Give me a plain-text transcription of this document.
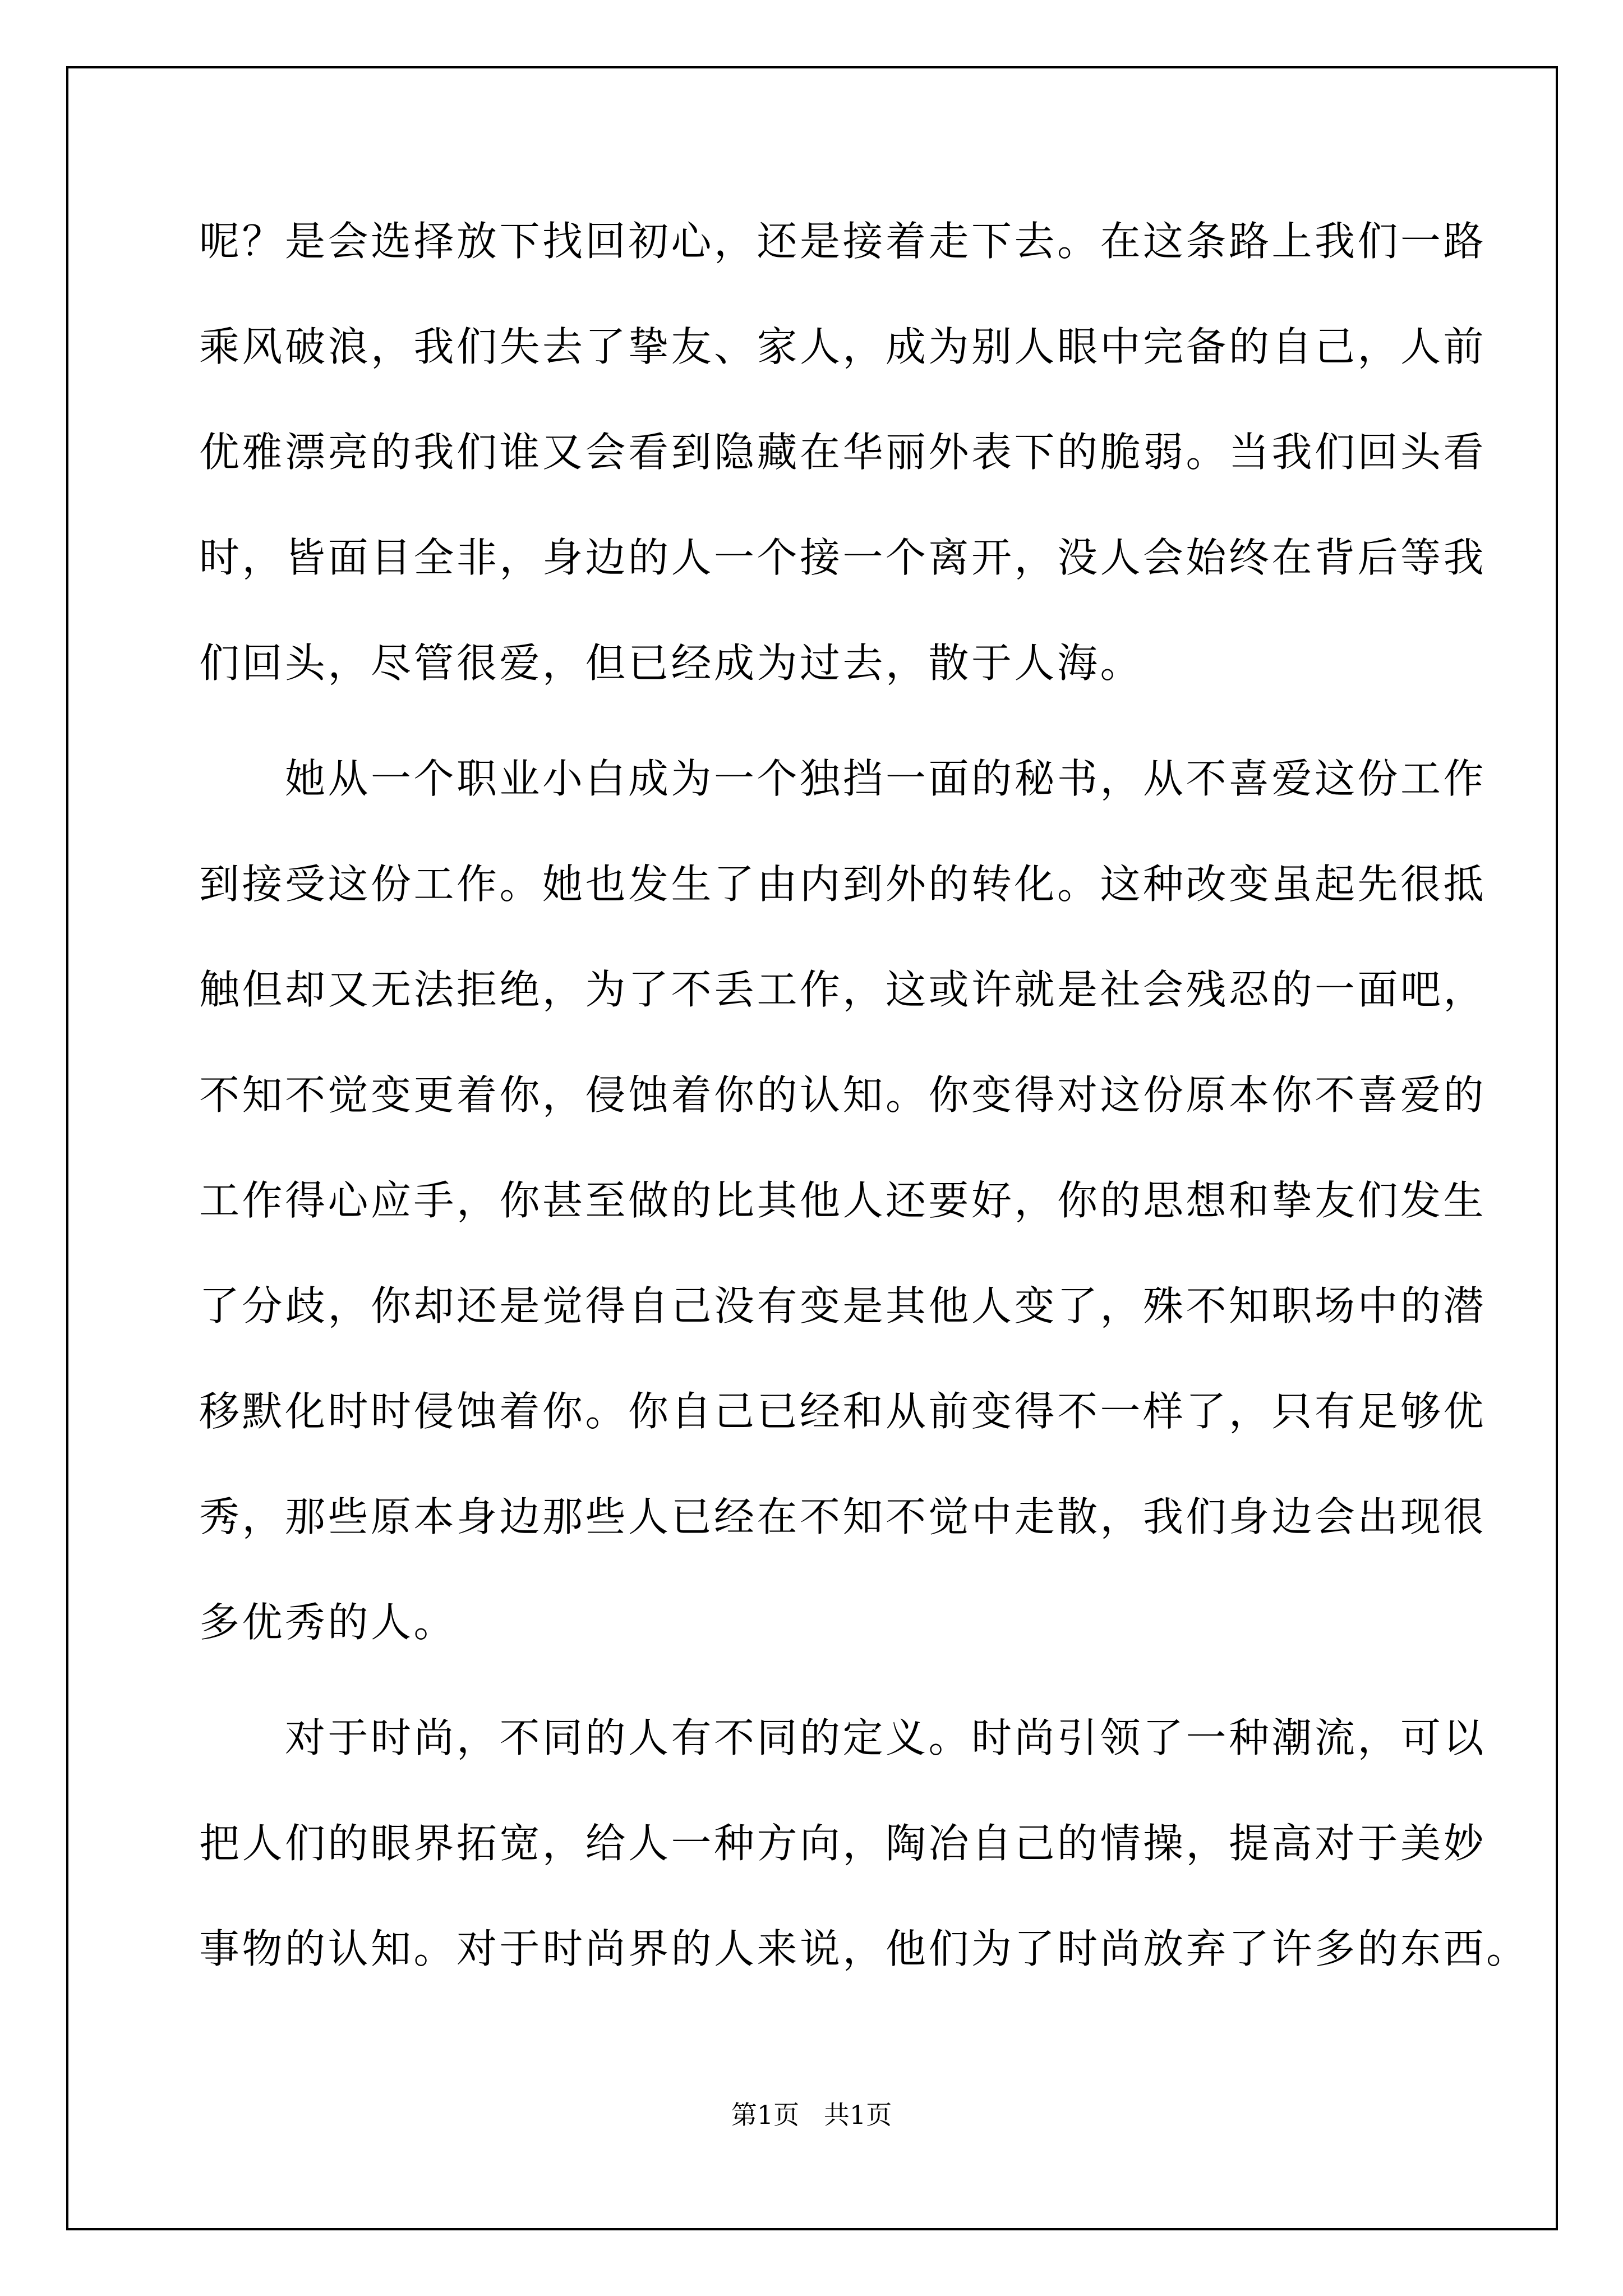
呢？是会选择放下找回初心，还是接着走下去。在这条路上我们一路

乘风破浪，我们失去了挚友、家人，成为别人眼中完备的自己，人前

优雅漂亮的我们谁又会看到隐藏在华丽外表下的脆弱。当我们回头看

时，皆面目全非，身边的人一个接一个离开，没人会始终在背后等我

们回头，尽管很爱，但已经成为过去，散于人海。

　　她从一个职业小白成为一个独挡一面的秘书，从不喜爱这份工作

到接受这份工作。她也发生了由内到外的转化。这种改变虽起先很抵

触但却又无法拒绝，为了不丢工作，这或许就是社会残忍的一面吧，

不知不觉变更着你，侵蚀着你的认知。你变得对这份原本你不喜爱的

工作得心应手，你甚至做的比其他人还要好，你的思想和挚友们发生

了分歧，你却还是觉得自己没有变是其他人变了，殊不知职场中的潜

移默化时时侵蚀着你。你自己已经和从前变得不一样了，只有足够优

秀，那些原本身边那些人已经在不知不觉中走散，我们身边会出现很

多优秀的人。

　　对于时尚，不同的人有不同的定义。时尚引领了一种潮流，可以

把人们的眼界拓宽，给人一种方向，陶冶自己的情操，提高对于美妙

事物的认知。对于时尚界的人来说，他们为了时尚放弃了许多的东西。

第1页   共1页
